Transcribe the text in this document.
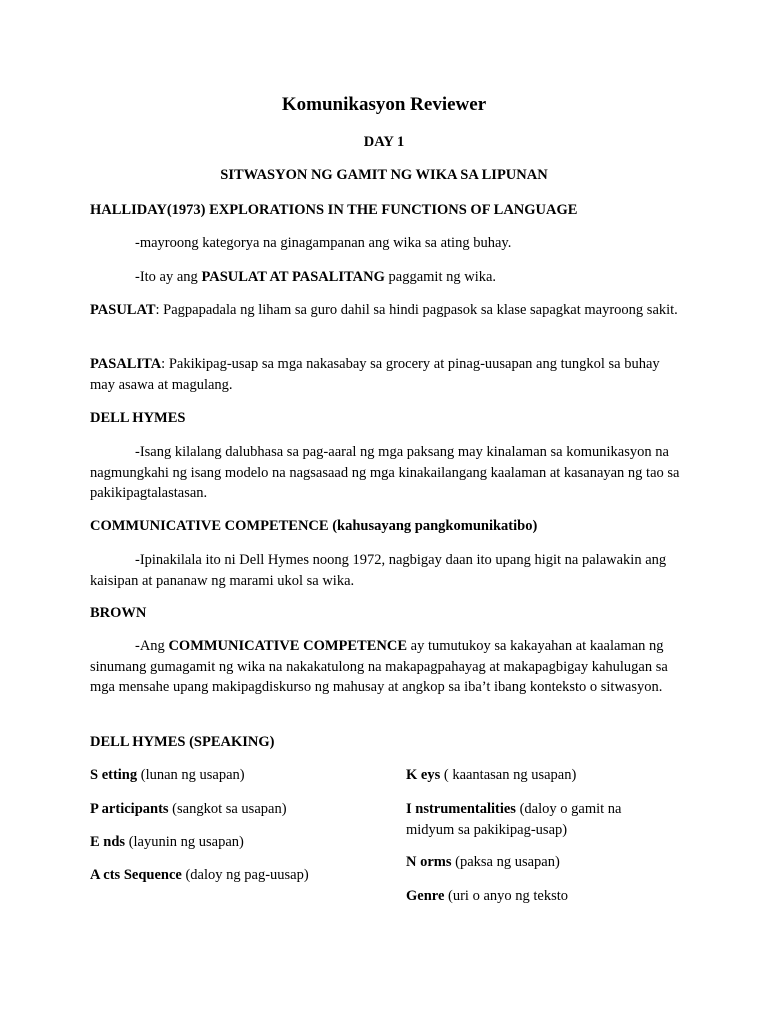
Komunikasyon Reviewer
DAY 1
SITWASYON NG GAMIT NG WIKA SA LIPUNAN
HALLIDAY(1973) EXPLORATIONS IN THE FUNCTIONS OF LANGUAGE
-mayroong kategorya na ginagampanan ang wika sa ating buhay.
-Ito ay ang PASULAT AT PASALITANG paggamit ng wika.
PASULAT: Pagpapadala ng liham sa guro dahil sa hindi pagpasok sa klase sapagkat mayroong sakit.
PASALITA: Pakikipag-usap sa mga nakasabay sa grocery at pinag-uusapan ang tungkol sa buhay may asawa at magulang.
DELL HYMES
-Isang kilalang dalubhasa sa pag-aaral ng mga paksang may kinalaman sa komunikasyon na nagmungkahi ng isang modelo na nagsasaad ng mga kinakailangang kaalaman at kasanayan ng tao sa pakikipagtalastasan.
COMMUNICATIVE COMPETENCE (kahusayang pangkomunikatibo)
-Ipinakilala ito ni Dell Hymes noong 1972, nagbigay daan ito upang higit na palawakin ang kaisipan at pananaw ng marami ukol sa wika.
BROWN
-Ang COMMUNICATIVE COMPETENCE ay tumutukoy sa kakayahan at kaalaman ng sinumang gumagamit ng wika na nakakatulong na makapagpahayag at makapagbigay kahulugan sa mga mensahe upang makipagdiskurso ng mahusay at angkop sa iba’t ibang konteksto o sitwasyon.
DELL HYMES (SPEAKING)
S etting (lunan ng usapan)
P articipants (sangkot sa usapan)
E nds (layunin ng usapan)
A cts Sequence (daloy ng pag-uusap)
K eys ( kaantasan ng usapan)
I nstrumentalities (daloy o gamit na midyum sa pakikipag-usap)
N orms (paksa ng usapan)
Genre (uri o anyo ng teksto
